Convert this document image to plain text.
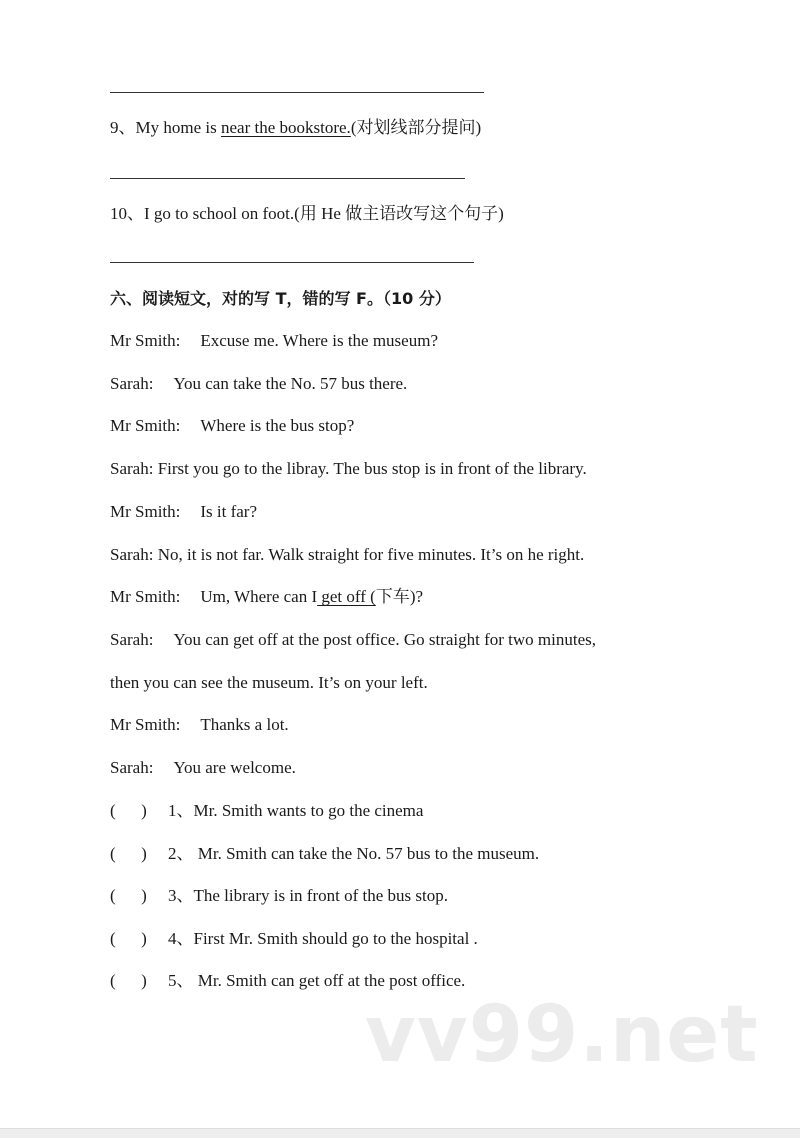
9、My home is near the bookstore.(对划线部分提问)
10、I go to school on foot.(用 He 做主语改写这个句子)
六、阅读短文，对的写 T，错的写 F。（10 分）
Mr Smith: Excuse me. Where is the museum?
Sarah: You can take the No. 57 bus there.
Mr Smith: Where is the bus stop?
Sarah: First you go to the libray. The bus stop is in front of the library.
Mr Smith: Is it far?
Sarah: No, it is not far. Walk straight for five minutes. It’s on he right.
Mr Smith: Um, Where can I get off (下车)?
Sarah: You can get off at the post office. Go straight for two minutes,
then you can see the museum. It’s on your left.
Mr Smith: Thanks a lot.
Sarah: You are welcome.
(      ) 1、Mr. Smith wants to go the cinema
(      ) 2、 Mr. Smith can take the No. 57 bus to the museum.
(      ) 3、The library is in front of the bus stop.
(      ) 4、First Mr. Smith should go to the hospital .
(      ) 5、 Mr. Smith can get off at the post office.
vv99.net
